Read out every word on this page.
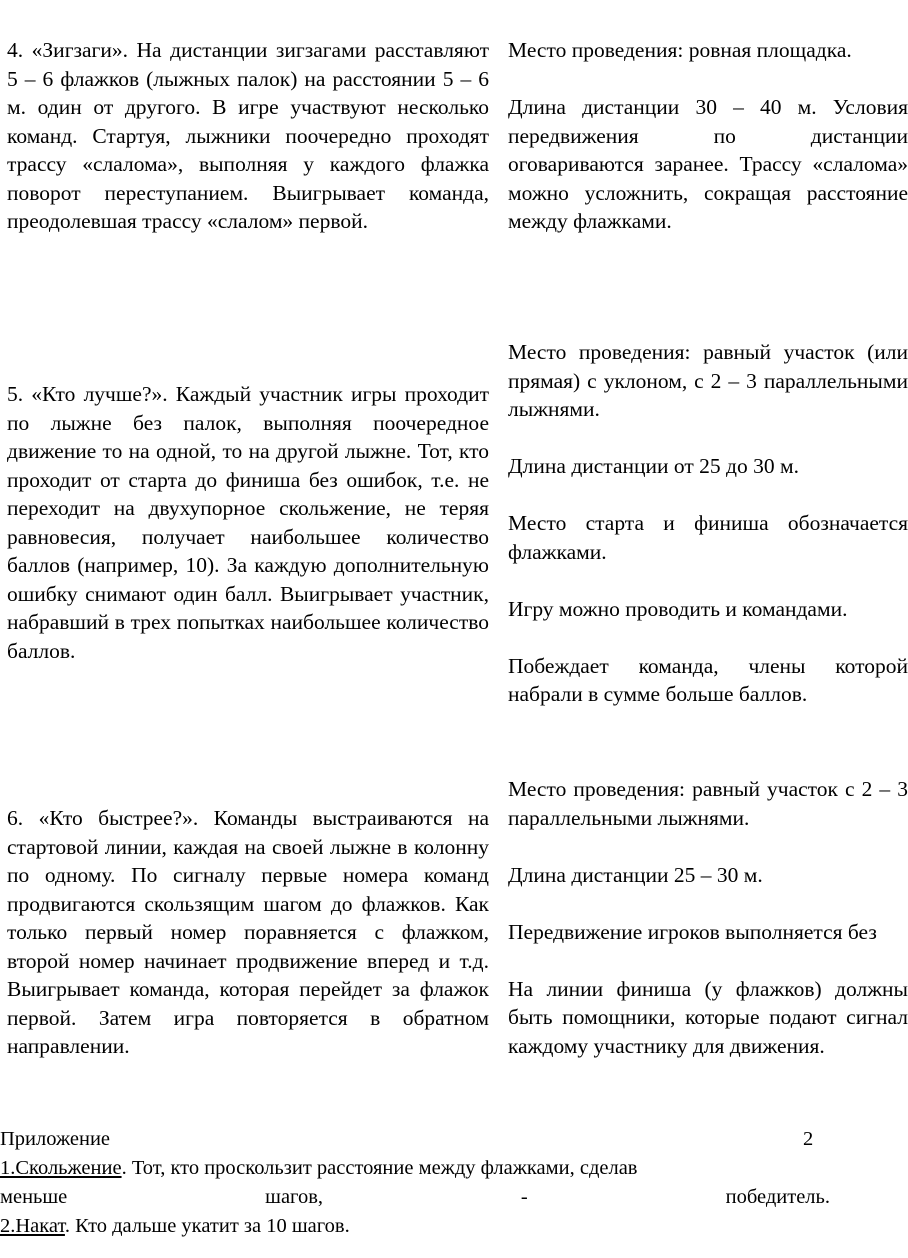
4. «Зигзаги». На дистанции зигзагами расставляют 5 – 6 флажков (лыжных палок) на расстоянии 5 – 6 м. один от другого. В игре участвуют несколько команд. Стартуя, лыжники поочередно проходят трассу «слалома», выполняя у каждого флажка поворот переступанием. Выигрывает команда, преодолевшая трассу «слалом» первой.

Место проведения: ровная площадка.

Длина дистанции 30 – 40 м. Условия передвижения по дистанции оговариваются заранее. Трассу «слалома» можно усложнить, сокращая расстояние между флажками.

5. «Кто лучше?». Каждый участник игры проходит по лыжне без палок, выполняя поочередное движение то на одной, то на другой лыжне. Тот, кто проходит от старта до финиша без ошибок, т.е. не переходит на двухупорное скольжение, не теряя равновесия, получает наибольшее количество баллов (например, 10). За каждую дополнительную ошибку снимают один балл. Выигрывает участник, набравший в трех попытках наибольшее количество баллов.

Место проведения: равный участок (или прямая) с уклоном, с 2 – 3 параллельными лыжнями.

Длина дистанции от 25 до 30 м.

Место старта и финиша обозначается флажками.

Игру можно проводить и командами.

Побеждает команда, члены которой набрали в сумме больше баллов.

6. «Кто быстрее?». Команды выстраиваются на стартовой линии, каждая на своей лыжне в колонну по одному. По сигналу первые номера команд продвигаются скользящим шагом до флажков. Как только первый номер поравняется с флажком, второй номер начинает продвижение вперед и т.д. Выигрывает команда, которая перейдет за флажок первой. Затем игра повторяется в обратном направлении.

Место проведения: равный участок с 2 – 3 параллельными лыжнями.

Длина дистанции 25 – 30 м.

Передвижение игроков выполняется без

На линии финиша (у флажков) должны быть помощники, которые подают сигнал каждому участнику для движения.

Приложение	2

1.Скольжение. Тот, кто проскользит расстояние между флажками, сделав

меньше шагов, - победитель.

2.Накат. Кто дальше укатит за 10 шагов.
